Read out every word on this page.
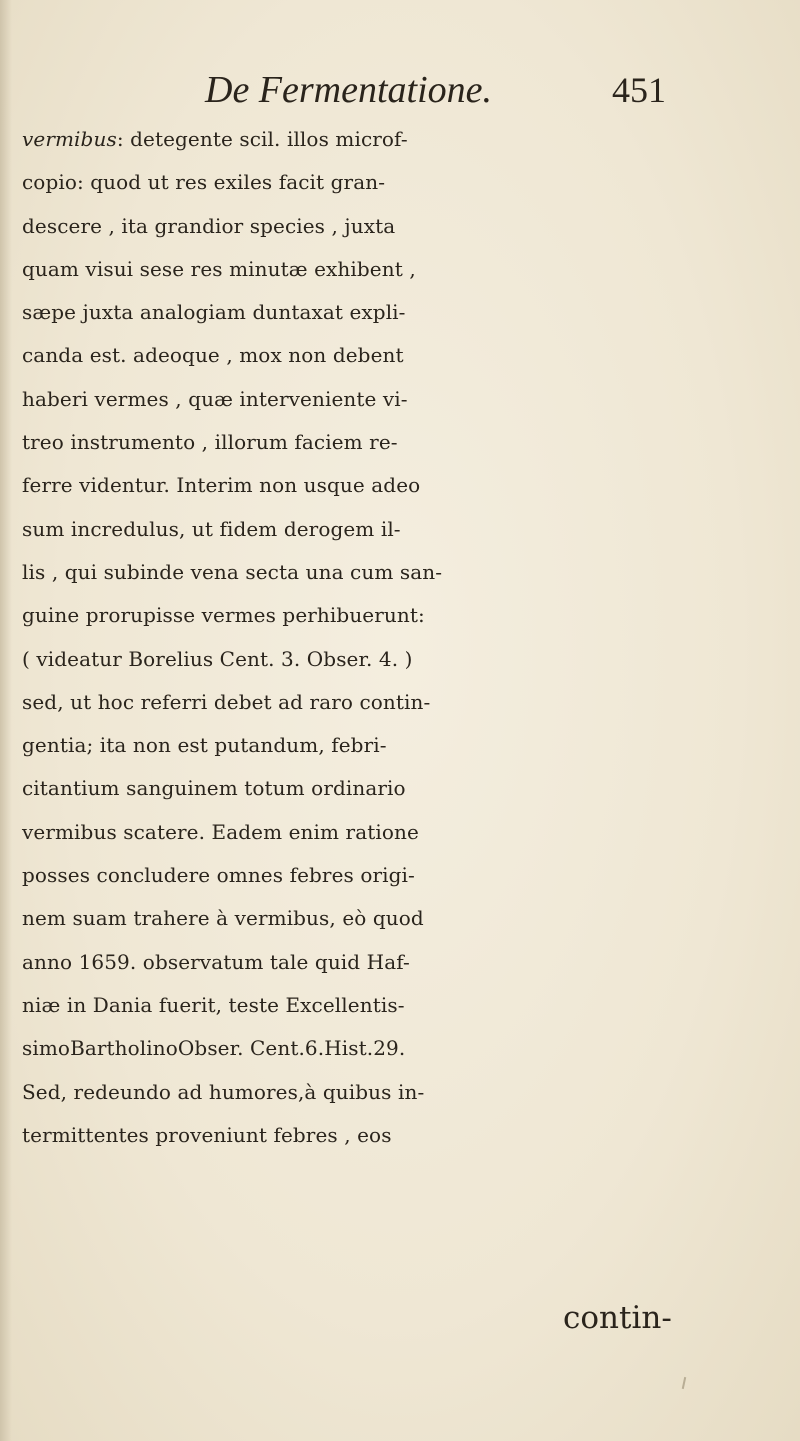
De Fermentatione.	451
vermibus: detegente scil. illos microf-
copio: quod ut res exiles facit gran-
descere , ita grandior species , juxta
quam visui sese res minutæ exhibent ,
sæpe juxta analogiam duntaxat expli-
canda est. adeoque , mox non debent
haberi vermes , quæ interveniente vi-
treo instrumento , illorum faciem re-
ferre videntur. Interim non usque adeo
sum incredulus, ut fidem derogem il-
lis , qui subinde vena secta una cum san-
guine prorupisse vermes perhibuerunt:
( videatur Borelius Cent. 3. Obser. 4. )
sed, ut hoc referri debet ad raro contin-
gentia; ita non est putandum, febri-
citantium sanguinem totum ordinario
vermibus scatere. Eadem enim ratione
posses concludere omnes febres origi-
nem suam trahere à vermibus, eò quod
anno 1659. observatum tale quid Haf-
niæ in Dania fuerit, teste Excellentis-
simoBartholinoObser. Cent.6.Hist.29.
Sed, redeundo ad humores,à quibus in-
termittentes proveniunt febres , eos
contin-
